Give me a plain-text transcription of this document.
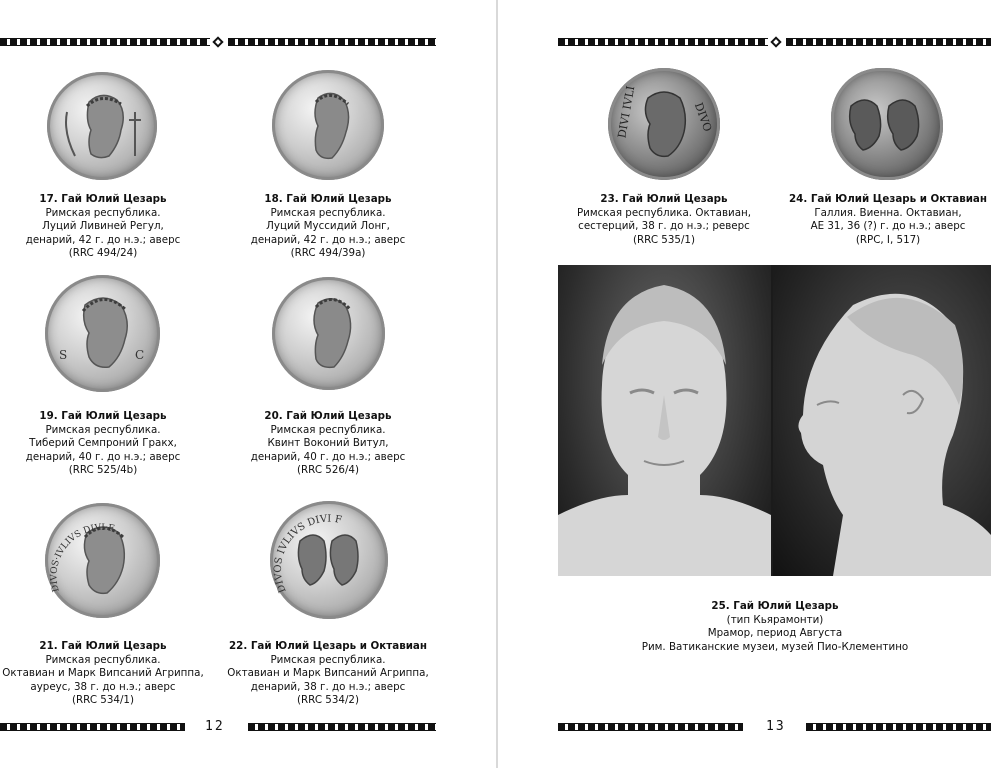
17. Гай Юлий Цезарь
Римская республика.
Луций Ливиней Регул,
денарий, 42 г. до н.э.; аверс
(RRC 494/24)
18. Гай Юлий Цезарь
Римская республика.
Луций Муссидий Лонг,
денарий, 42 г. до н.э.; аверс
(RRC 494/39a)
S	C
19. Гай Юлий Цезарь
Римская республика.
Тиберий Семпроний Гракх,
денарий, 40 г. до н.э.; аверс
(RRC 525/4b)
20. Гай Юлий Цезарь
Римская республика.
Квинт Воконий Витул,
денарий, 40 г. до н.э.; аверс
(RRC 526/4)
DIVOS·IVLIVS DIVI·F
21. Гай Юлий Цезарь
Римская республика.
Октавиан и Марк Випсаний Агриппа,
ауреус, 38 г. до н.э.; аверс
(RRC 534/1)
DIVOS IVLIVS DIVI F
22. Гай Юлий Цезарь и Октавиан
Римская республика.
Октавиан и Марк Випсаний Агриппа,
денарий, 38 г. до н.э.; аверс
(RRC 534/2)
12
DIVI IVLI	DIVO
23. Гай Юлий Цезарь
Римская республика. Октавиан,
сестерций, 38 г. до н.э.; реверс
(RRC 535/1)
24. Гай Юлий Цезарь и Октавиан
Галлия. Виенна. Октавиан,
AE 31, 36 (?) г. до н.э.; аверс
(RPC, I, 517)
25. Гай Юлий Цезарь
(тип Кьярамонти)
Мрамор, период Августа
Рим. Ватиканские музеи, музей Пио-Клементино
13
